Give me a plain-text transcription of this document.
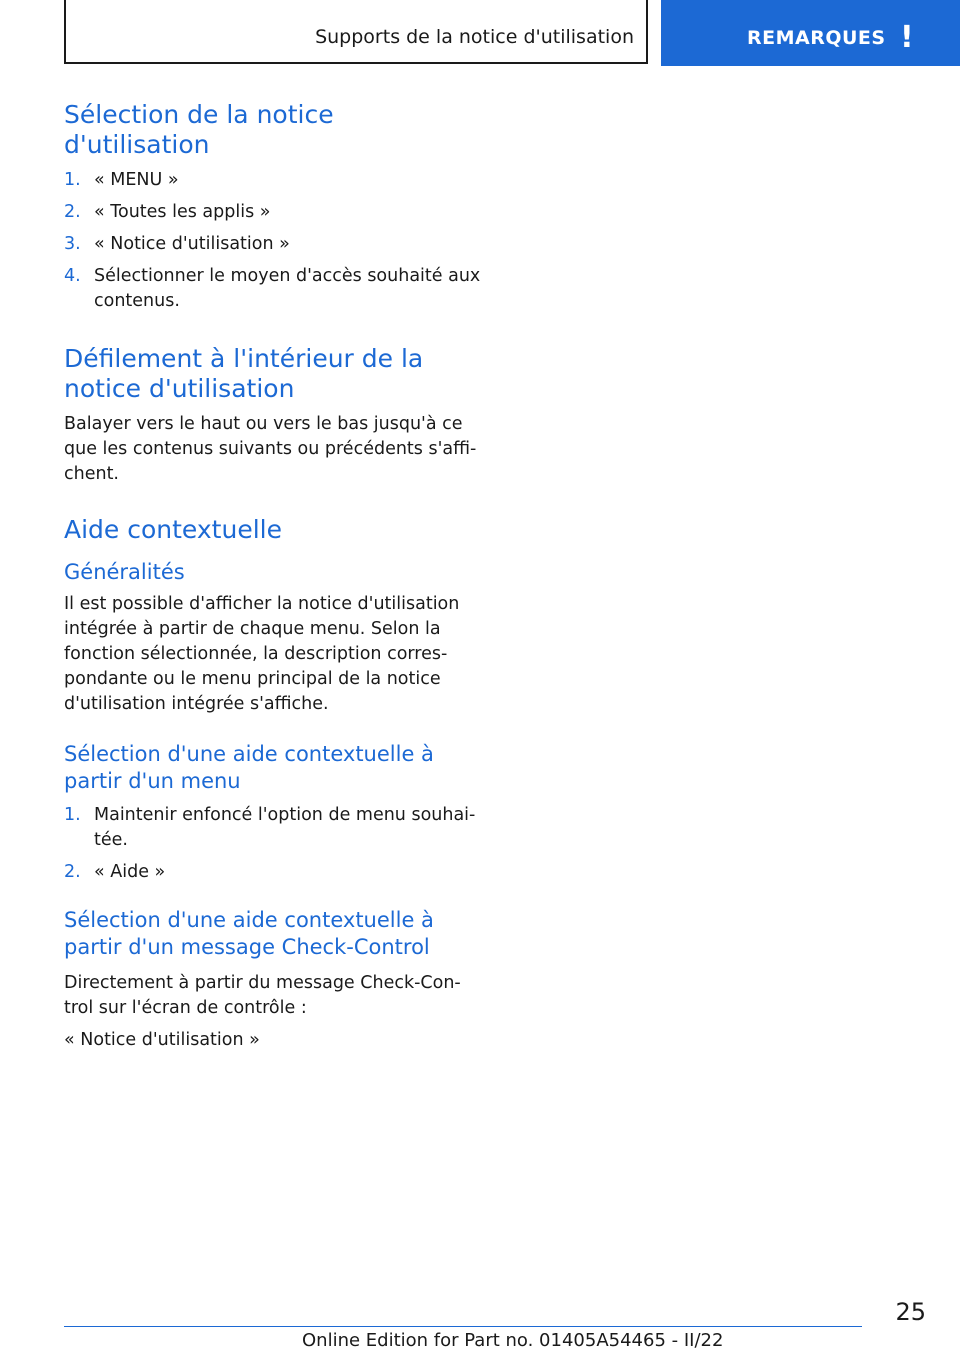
Supports de la notice d'utilisation	REMARQUES !
Sélection de la notice d'utilisation
1. « MENU »
2. « Toutes les applis »
3. « Notice d'utilisation »
4. Sélectionner le moyen d'accès souhaité aux contenus.
Défilement à l'intérieur de la notice d'utilisation

Balayer vers le haut ou vers le bas jusqu'à ce que les contenus suivants ou précédents s'affi‐chent.

Aide contextuelle
Généralités

Il est possible d'afficher la notice d'utilisation intégrée à partir de chaque menu. Selon la fonction sélectionnée, la description corres‐pondante ou le menu principal de la notice d'utilisation intégrée s'affiche.

Sélection d'une aide contextuelle à partir d'un menu
1. Maintenir enfoncé l'option de menu souhai‐tée.
2. « Aide »
Sélection d'une aide contextuelle à partir d'un message Check-Control

Directement à partir du message Check-Con‐trol sur l'écran de contrôle :

« Notice d'utilisation »

25
Online Edition for Part no. 01405A54465 - II/22
